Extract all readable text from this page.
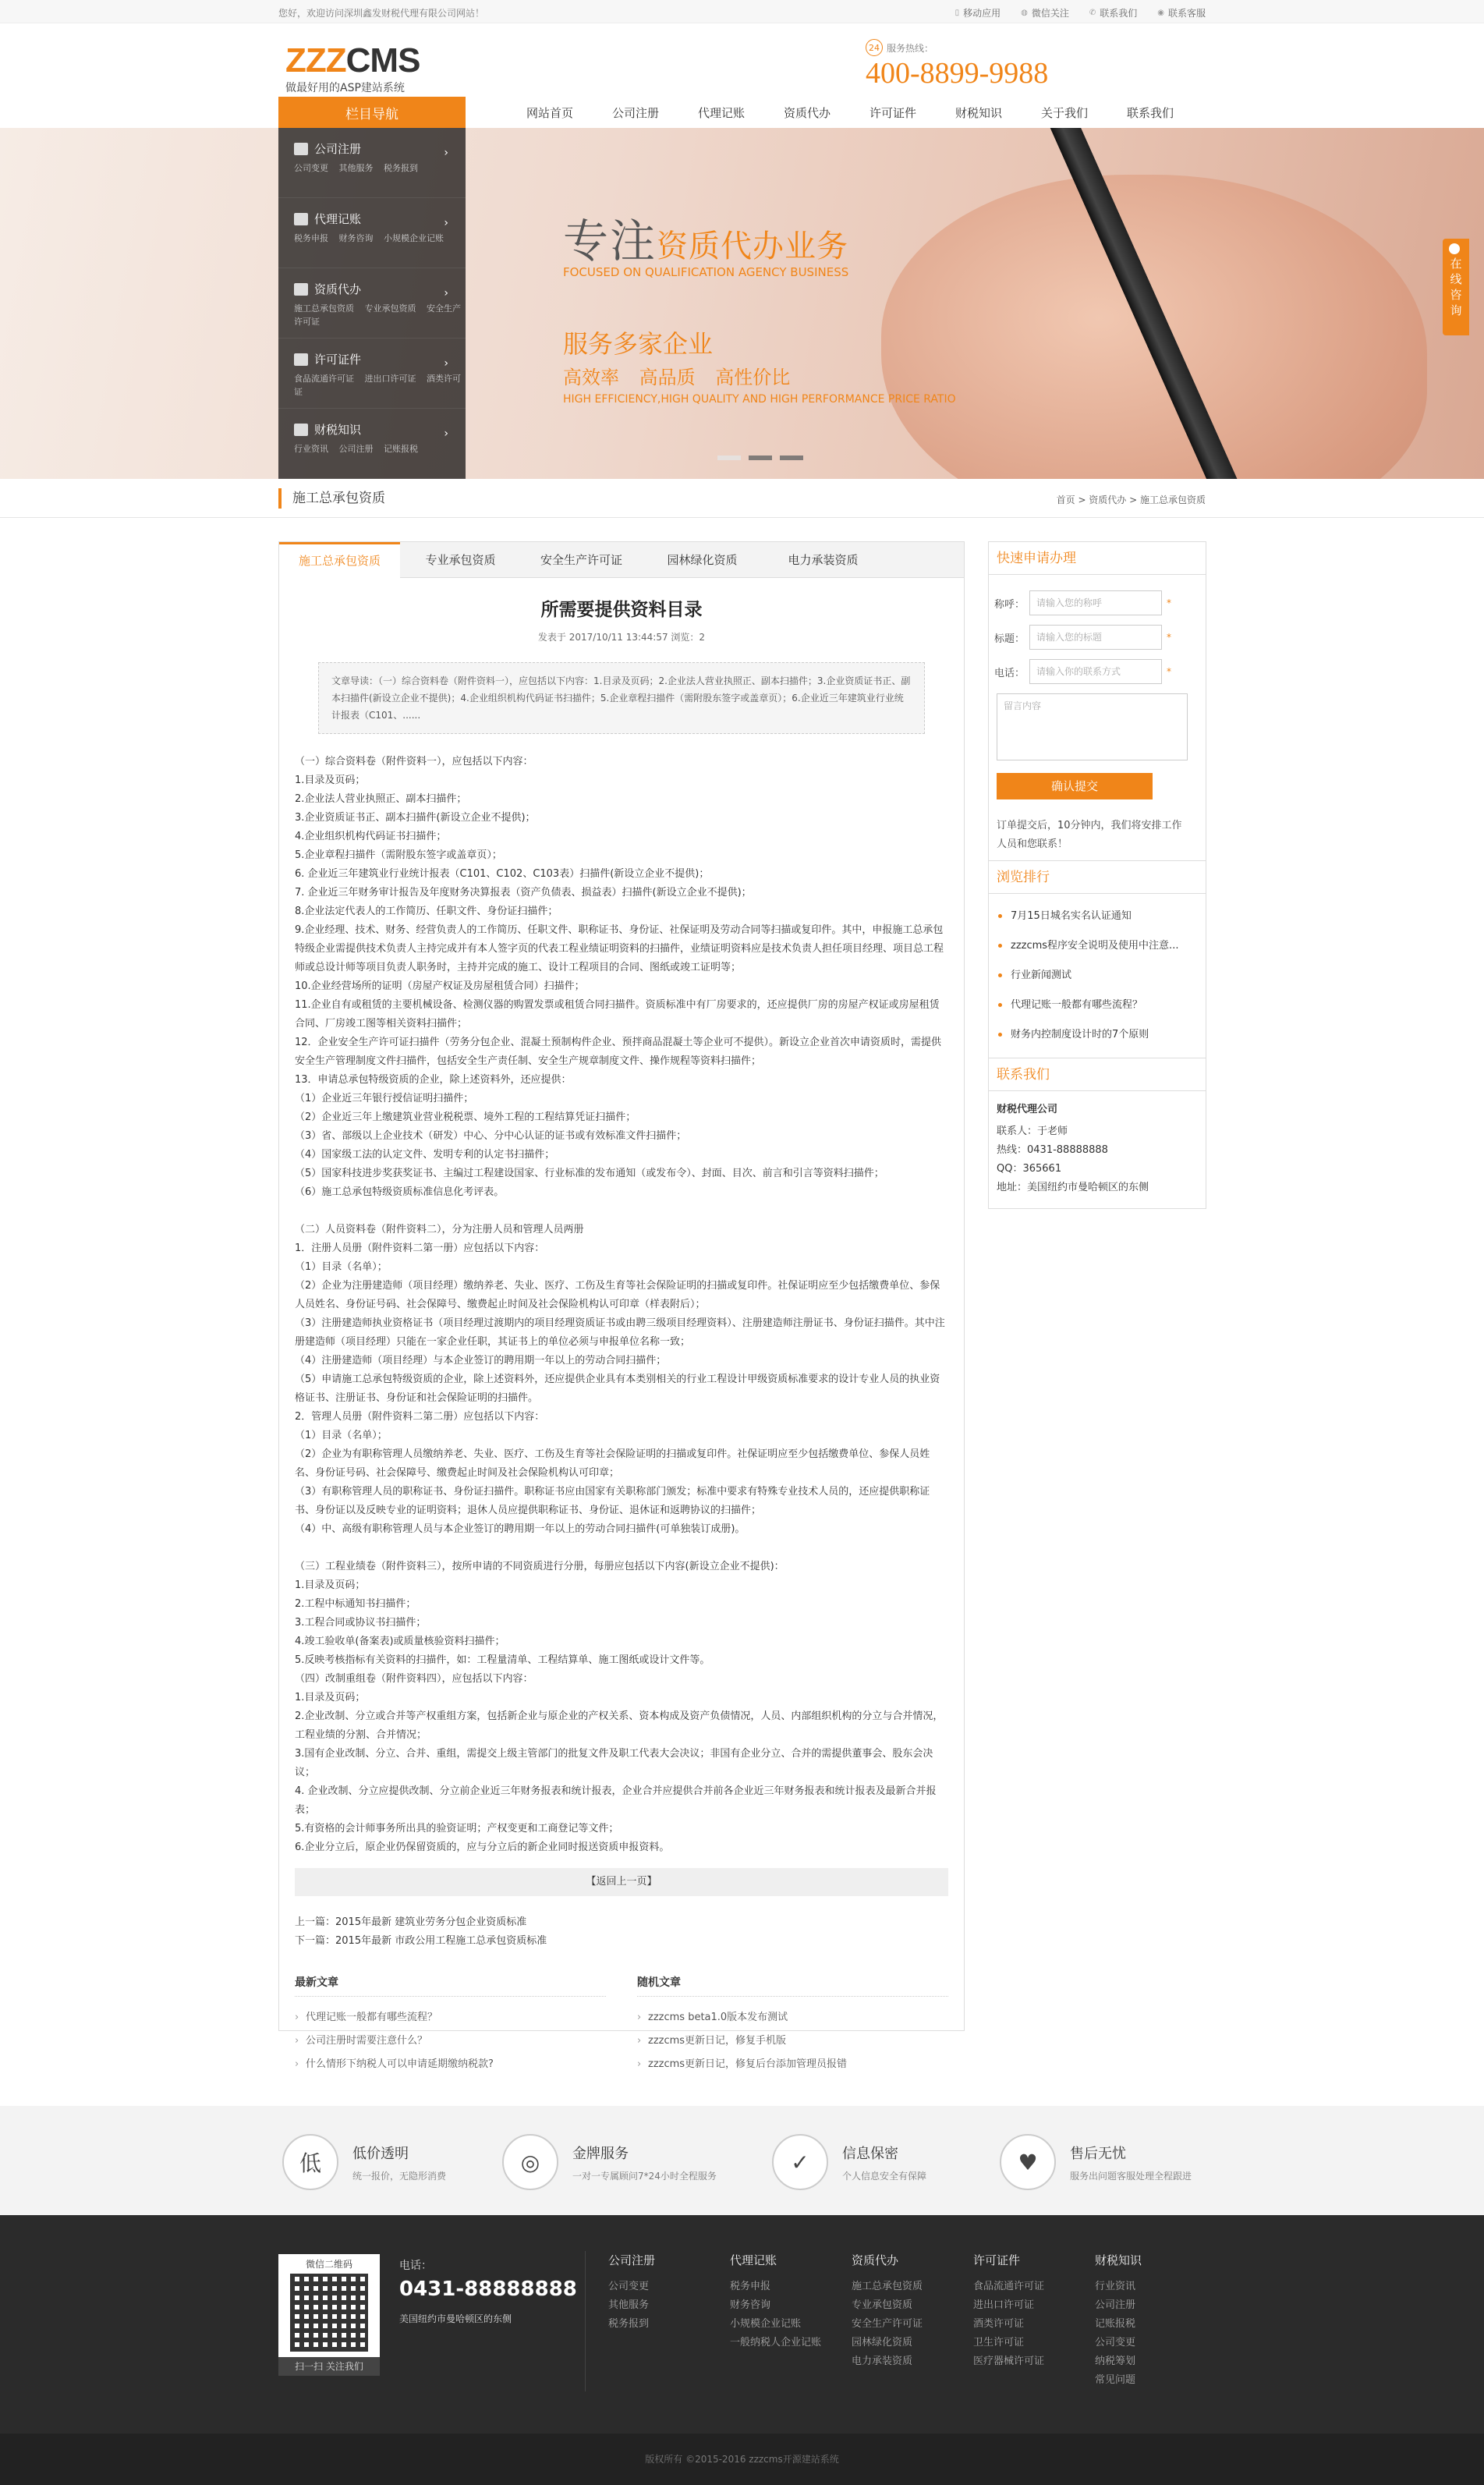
您好，欢迎访问深圳鑫发财税代理有限公司网站！	▯ 移动应用	◍ 微信关注	✆ 联系我们	◉ 联系客服
ZZZCMS
做最好用的ASP建站系统
24 服务热线：
400-8899-9988
栏目导航	网站首页	公司注册	代理记账	资质代办	许可证件	财税知识	关于我们	联系我们
专注资质代办业务
FOCUSED ON QUALIFICATION AGENCY BUSINESS
服务多家企业
高效率 高品质 高性价比
HIGH EFFICIENCY,HIGH QUALITY AND HIGH PERFORMANCE PRICE RATIO
公司注册	›
公司变更 其他服务 税务报到
代理记账	›
税务申报 财务咨询 小规模企业记账
资质代办	›
施工总承包资质 专业承包资质 安全生产许可证
许可证件	›
食品流通许可证 进出口许可证 酒类许可证
财税知识	›
行业资讯 公司注册 记账报税
在线咨询
施工总承包资质	首页 > 资质代办 > 施工总承包资质
施工总承包资质	专业承包资质	安全生产许可证	园林绿化资质	电力承装资质
所需要提供资料目录
发表于 2017/10/11 13:44:57 浏览：2
文章导读：（一）综合资料卷（附件资料一），应包括以下内容：1.目录及页码；2.企业法人营业执照正、副本扫描件；3.企业资质证书正、副本扫描件(新设立企业不提供)；4.企业组织机构代码证书扫描件；5.企业章程扫描件（需附股东签字或盖章页）；6.企业近三年建筑业行业统计报表（C101、......

（一）综合资料卷（附件资料一），应包括以下内容：

1.目录及页码；

2.企业法人营业执照正、副本扫描件；

3.企业资质证书正、副本扫描件(新设立企业不提供)；

4.企业组织机构代码证书扫描件；

5.企业章程扫描件（需附股东签字或盖章页）；

6. 企业近三年建筑业行业统计报表（C101、C102、C103表）扫描件(新设立企业不提供)；

7. 企业近三年财务审计报告及年度财务决算报表（资产负债表、损益表）扫描件(新设立企业不提供)；

8.企业法定代表人的工作简历、任职文件、身份证扫描件；

9.企业经理、技术、财务、经营负责人的工作简历、任职文件、职称证书、身份证、社保证明及劳动合同等扫描或复印件。其中，申报施工总承包特级企业需提供技术负责人主持完成并有本人签字页的代表工程业绩证明资料的扫描件，业绩证明资料应是技术负责人担任项目经理、项目总工程师或总设计师等项目负责人职务时，主持并完成的施工、设计工程项目的合同、图纸或竣工证明等；

10.企业经营场所的证明（房屋产权证及房屋租赁合同）扫描件；

11.企业自有或租赁的主要机械设备、检测仪器的购置发票或租赁合同扫描件。资质标准中有厂房要求的，还应提供厂房的房屋产权证或房屋租赁合同、厂房竣工图等相关资料扫描件；

12．企业安全生产许可证扫描件（劳务分包企业、混凝土预制构件企业、预拌商品混凝土等企业可不提供）。新设立企业首次申请资质时，需提供安全生产管理制度文件扫描件，包括安全生产责任制、安全生产规章制度文件、操作规程等资料扫描件；

13．申请总承包特级资质的企业，除上述资料外，还应提供：

（1）企业近三年银行授信证明扫描件；

（2）企业近三年上缴建筑业营业税税票、境外工程的工程结算凭证扫描件；

（3）省、部级以上企业技术（研发）中心、分中心认证的证书或有效标准文件扫描件；

（4）国家级工法的认定文件、发明专利的认定书扫描件；

（5）国家科技进步奖获奖证书、主编过工程建设国家、行业标准的发布通知（或发布令）、封面、目次、前言和引言等资料扫描件；

（6）施工总承包特级资质标准信息化考评表。

（二）人员资料卷（附件资料二），分为注册人员和管理人员两册

1．注册人员册（附件资料二第一册）应包括以下内容：

（1）目录（名单）；

（2）企业为注册建造师（项目经理）缴纳养老、失业、医疗、工伤及生育等社会保险证明的扫描或复印件。社保证明应至少包括缴费单位、参保人员姓名、身份证号码、社会保障号、缴费起止时间及社会保险机构认可印章（样表附后）；

（3）注册建造师执业资格证书（项目经理过渡期内的项目经理资质证书或由聘三级项目经理资料）、注册建造师注册证书、身份证扫描件。其中注册建造师（项目经理）只能在一家企业任职，其证书上的单位必须与申报单位名称一致；

（4）注册建造师（项目经理）与本企业签订的聘用期一年以上的劳动合同扫描件；

（5）申请施工总承包特级资质的企业，除上述资料外，还应提供企业具有本类别相关的行业工程设计甲级资质标准要求的设计专业人员的执业资格证书、注册证书、身份证和社会保险证明的扫描件。

2．管理人员册（附件资料二第二册）应包括以下内容：

（1）目录（名单）；

（2）企业为有职称管理人员缴纳养老、失业、医疗、工伤及生育等社会保险证明的扫描或复印件。社保证明应至少包括缴费单位、参保人员姓名、身份证号码、社会保障号、缴费起止时间及社会保险机构认可印章；

（3）有职称管理人员的职称证书、身份证扫描件。职称证书应由国家有关职称部门颁发；标准中要求有特殊专业技术人员的，还应提供职称证书、身份证以及反映专业的证明资料；退休人员应提供职称证书、身份证、退休证和返聘协议的扫描件；

（4）中、高级有职称管理人员与本企业签订的聘用期一年以上的劳动合同扫描件(可单独装订成册)。

（三）工程业绩卷（附件资料三），按所申请的不同资质进行分册，每册应包括以下内容(新设立企业不提供)：

1.目录及页码；

2.工程中标通知书扫描件；

3.工程合同或协议书扫描件；

4.竣工验收单(备案表)或质量核验资料扫描件；

5.反映考核指标有关资料的扫描件，如：工程量清单、工程结算单、施工图纸或设计文件等。

（四）改制重组卷（附件资料四），应包括以下内容：

1.目录及页码；

2.企业改制、分立或合并等产权重组方案，包括新企业与原企业的产权关系、资本构成及资产负债情况，人员、内部组织机构的分立与合并情况，工程业绩的分割、合并情况；

3.国有企业改制、分立、合并、重组，需提交上级主管部门的批复文件及职工代表大会决议；非国有企业分立、合并的需提供董事会、股东会决议；

4. 企业改制、分立应提供改制、分立前企业近三年财务报表和统计报表，企业合并应提供合并前各企业近三年财务报表和统计报表及最新合并报表；

5.有资格的会计师事务所出具的验资证明；产权变更和工商登记等文件；

6.企业分立后，原企业仍保留资质的，应与分立后的新企业同时报送资质申报资料。

【返回上一页】
上一篇：2015年最新 建筑业劳务分包企业资质标准
下一篇：2015年最新 市政公用工程施工总承包资质标准
最新文章
› 代理记账一般都有哪些流程？
› 公司注册时需要注意什么？
› 什么情形下纳税人可以申请延期缴纳税款?
随机文章
› zzzcms beta1.0版本发布测试
› zzzcms更新日记，修复手机版
› zzzcms更新日记，修复后台添加管理员报错
快速申请办理
称呼：	请输入您的称呼	*
标题：	请输入您的标题	*
电话：	请输入你的联系方式	*
留言内容
确认提交
订单提交后，10分钟内，我们将安排工作人员和您联系！
浏览排行
7月15日城名实名认证通知
zzzcms程序安全说明及使用中注意...
行业新闻测试
代理记账一般都有哪些流程？
财务内控制度设计时的7个原则
联系我们
财税代理公司
联系人：于老师
热线：0431-88888888
QQ：365661
地址：美国纽约市曼哈顿区的东侧
低	低价透明
统一报价，无隐形消费
◎	金牌服务
一对一专属顾问7*24小时全程服务
✓	信息保密
个人信息安全有保障
♥	售后无忧
服务出问题客服处理全程跟进
微信二维码
扫一扫 关注我们
电话：
0431-88888888
美国纽约市曼哈顿区的东侧
公司注册
公司变更
其他服务
税务报到
代理记账
税务申报
财务咨询
小规模企业记账
一般纳税人企业记账
资质代办
施工总承包资质
专业承包资质
安全生产许可证
园林绿化资质
电力承装资质
许可证件
食品流通许可证
进出口许可证
酒类许可证
卫生许可证
医疗器械许可证
财税知识
行业资讯
公司注册
记账报税
公司变更
纳税筹划
常见问题
版权所有 ©2015-2016 zzzcms开源建站系统
